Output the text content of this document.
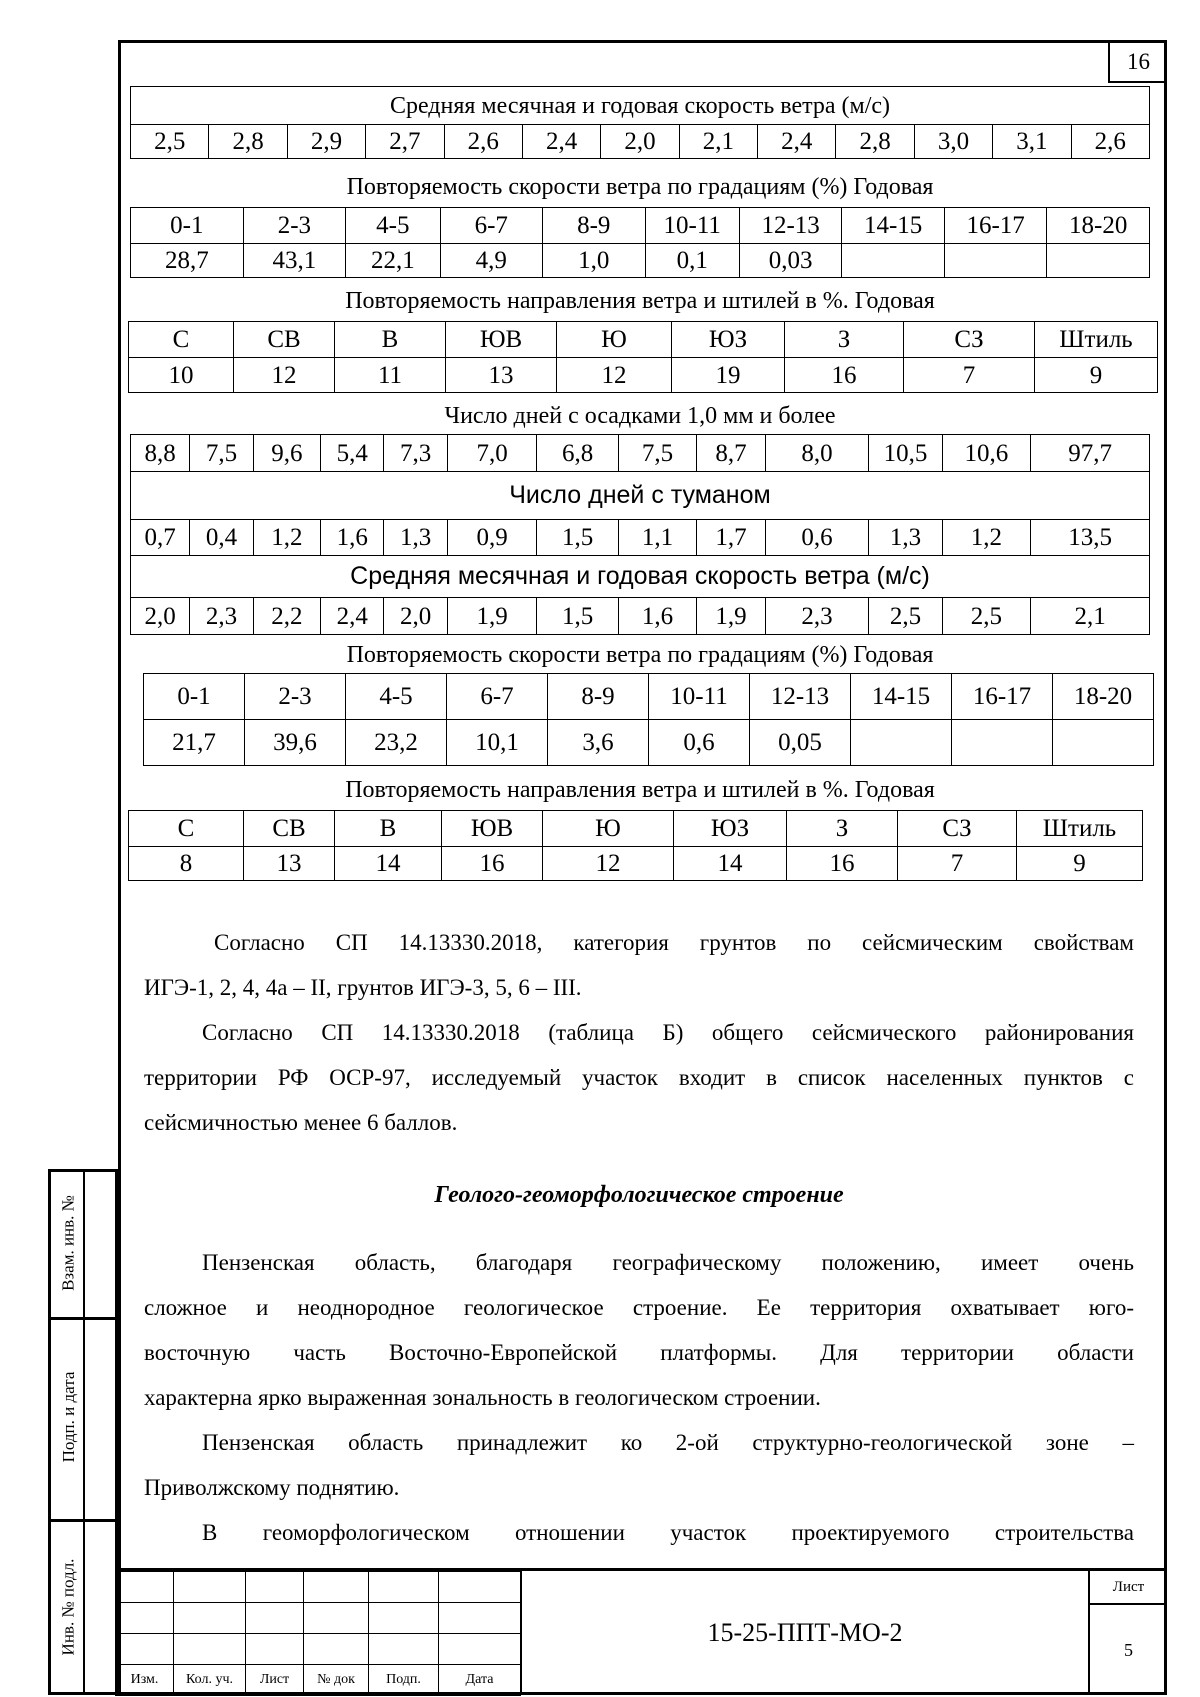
16
Средняя месячная и годовая скорость ветра (м/с)
2,5	2,8	2,9	2,7	2,6	2,4	2,0	2,1	2,4	2,8	3,0	3,1	2,6
Повторяемость скорости ветра по градациям (%) Годовая
0-1	2-3	4-5	6-7	8-9	10-11	12-13	14-15	16-17	18-20
28,7	43,1	22,1	4,9	1,0	0,1	0,03			
Повторяемость направления ветра и штилей в %. Годовая
С	СВ	В	ЮВ	Ю	ЮЗ	З	СЗ	Штиль
10	12	11	13	12	19	16	7	9
Число дней с осадками 1,0 мм и более
8,8	7,5	9,6	5,4	7,3	7,0	6,8	7,5	8,7	8,0	10,5	10,6	97,7
Число дней с туманом												
0,7	0,4	1,2	1,6	1,3	0,9	1,5	1,1	1,7	0,6	1,3	1,2	13,5
Средняя месячная и годовая скорость ветра (м/с)												
2,0	2,3	2,2	2,4	2,0	1,9	1,5	1,6	1,9	2,3	2,5	2,5	2,1
Повторяемость скорости ветра по градациям (%) Годовая
0-1	2-3	4-5	6-7	8-9	10-11	12-13	14-15	16-17	18-20
21,7	39,6	23,2	10,1	3,6	0,6	0,05			
Повторяемость направления ветра и штилей в %. Годовая
С	СВ	В	ЮВ	Ю	ЮЗ	З	СЗ	Штиль
8	13	14	16	12	14	16	7	9
Согласно СП 14.13330.2018, категория грунтов по сейсмическим свойствам
ИГЭ-1, 2, 4, 4а – II, грунтов ИГЭ-3, 5, 6 – III.
Согласно СП 14.13330.2018 (таблица Б) общего сейсмического районирования
территории РФ ОСР-97, исследуемый участок входит в список населенных пунктов с
сейсмичностью менее 6 баллов.
Геолого-геоморфологическое строение
Пензенская область, благодаря географическому положению, имеет очень
сложное и неоднородное геологическое строение. Ее территория охватывает юго-
восточную часть Восточно-Европейской платформы. Для территории области
характерна ярко выраженная зональность в геологическом строении.
Пензенская область принадлежит ко 2-ой структурно-геологической зоне –
Приволжскому поднятию.
В геоморфологическом отношении участок проектируемого строительства
Взам. инв. №
Подп. и дата
Инв. № подл.

Изм.	Кол. уч.	Лист	№ док	Подп.	Дата
15-25-ППТ-МО-2
Лист
5
